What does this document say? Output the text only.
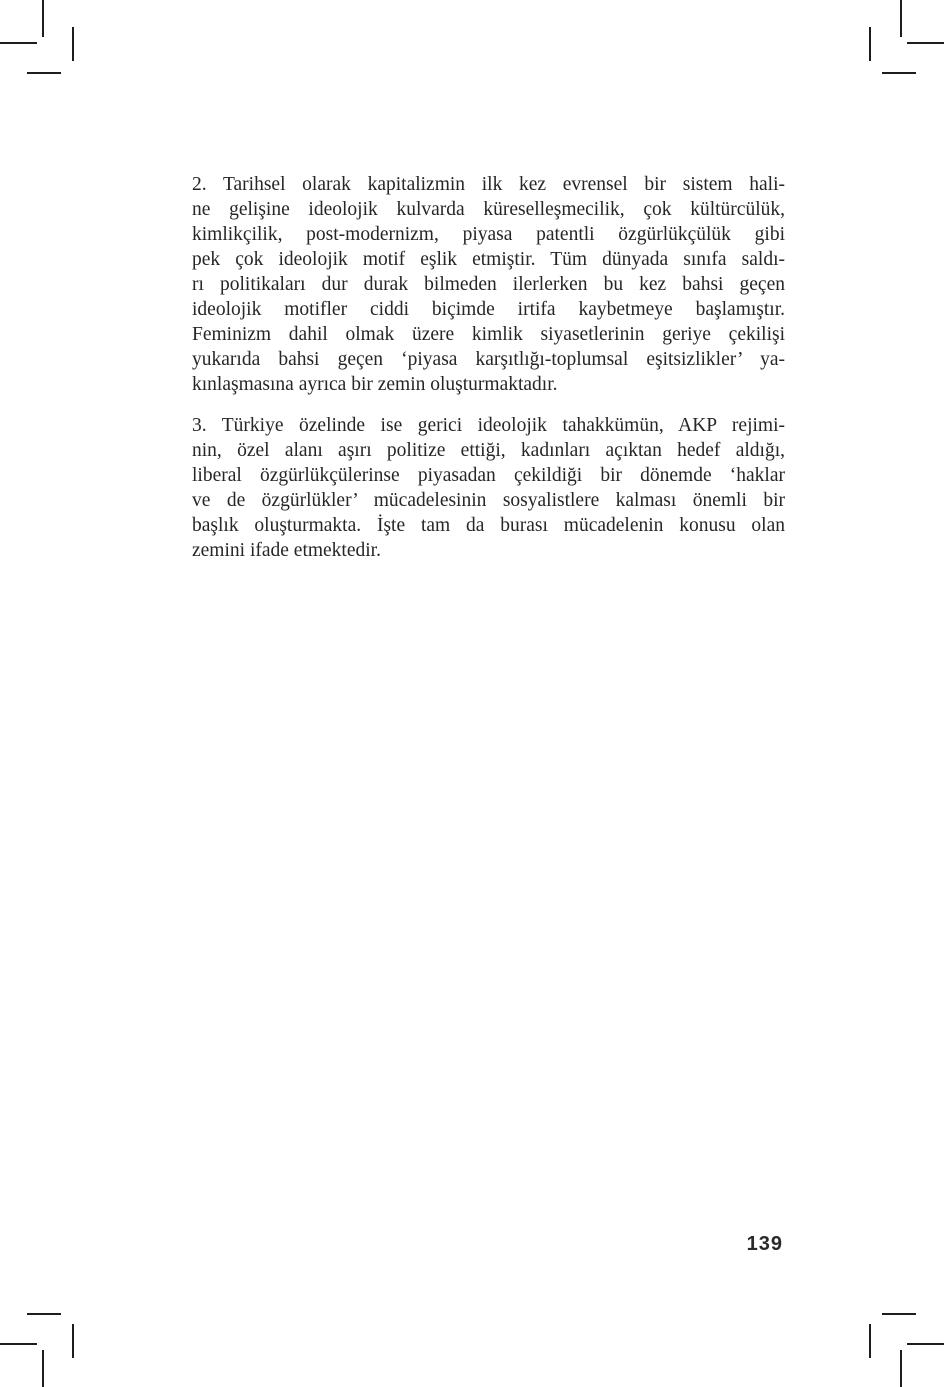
2. Tarihsel olarak kapitalizmin ilk kez evrensel bir sistem hali-
ne gelişine ideolojik kulvarda küreselleşmecilik, çok kültürcülük,
kimlikçilik, post-modernizm, piyasa patentli özgürlükçülük gibi
pek çok ideolojik motif eşlik etmiştir. Tüm dünyada sınıfa saldı-
rı politikaları dur durak bilmeden ilerlerken bu kez bahsi geçen
ideolojik motifler ciddi biçimde irtifa kaybetmeye başlamıştır.
Feminizm dahil olmak üzere kimlik siyasetlerinin geriye çekilişi
yukarıda bahsi geçen ‘piyasa karşıtlığı-toplumsal eşitsizlikler’ ya-
kınlaşmasına ayrıca bir zemin oluşturmaktadır.
3. Türkiye özelinde ise gerici ideolojik tahakkümün, AKP rejimi-
nin, özel alanı aşırı politize ettiği, kadınları açıktan hedef aldığı,
liberal özgürlükçülerinse piyasadan çekildiği bir dönemde ‘haklar
ve de özgürlükler’ mücadelesinin sosyalistlere kalması önemli bir
başlık oluşturmakta. İşte tam da burası mücadelenin konusu olan
zemini ifade etmektedir.
139
